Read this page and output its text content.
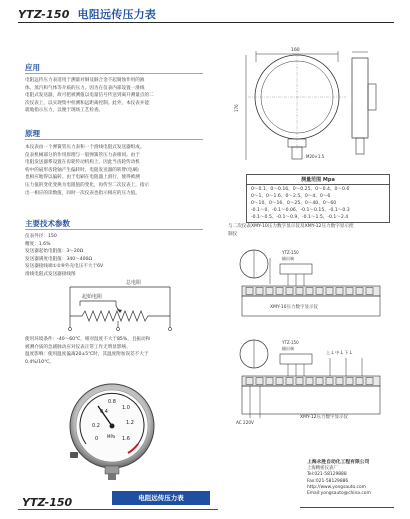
YTZ-150 电阻远传压力表
应用
电阻远传压力表适用于测量对铜及铜合金不起腐蚀作用的液
体、蒸汽和气体等介质的压力。因为在仪表内部设置一滑线
电阻式发送器，故可把被测值以电量信号传送到离开测量点的二
次仪表上，以实现集中检测和远距离控制。此外，本仪表并能
就地指示压力，以便于现场工艺检查。
原理
本仪表由一个弹簧管压力表和一个滑线电阻式发送器组成。
仪表机械部分的作用原理与一般弹簧管压力表相同。由于
电阻发送器系设置在齿轮传动机构上，因此当齿轮传动机
构中的扇形齿轮轴产生偏转时，电阻发送器的转臂(电刷)
也相应地得以偏转。由于电刷在电阻器上滑行，使得被测
压力值的变化变换为电阻值的变化，再传至二次仪表上，指示
出一相应的读数值，同时一次仪表也指示相应的压力值。
主要技术参数
仪表外径：150
精度：1.6%
发送器起始电阻值：3～20Ω
发送器满度电阻值：340～400Ω
发送器接线端①②⑨外壳电压不大于6V
滑线电阻式发送器接线图
总电阻
起始电阻
使用环境条件：-40～60℃，相对湿度不大于85%，且振动和
被测介质的急剧脉动应对仪表正常工作无明显影响。
温度影响：使用温度偏离20±5℃时，其温度附加误差不大于
0.4%/10℃。
0.4
0.8
1.0
1.2
1.6
0.2
0 MPa
YTZ-150	电阻远传压力表
160
M20×1.5
176
测量范围 Mpa
0～0.1、0～0.16、0～0.25、0～0.4、0～0.6
0～1、0～1.6、0～2.5、0～4、0～6
0～10、0～16、0～25、0～40、0～60
-0.1～0、-0.1～0.06、-0.1～0.15、-0.1～0.3
-0.1～0.5、-0.1～0.9、-0.1～1.5、-0.1～2.4
与二次仪表XMY-10压力数字显示仪及XMY-12压力数字显示控
制仪
YTZ-150
输出端
XMY-10压力数字显示仪
YTZ-150
输出端
上.L 中.L 下.L
AC 220V
XMY-12压力数字显示仪
上海永胜自动化工程有限公司
上海精密仪表厂
Tel:021-58129888
Fax:021-58129886
http://www.yongsauto.com
Email:yongsauto@china.com
